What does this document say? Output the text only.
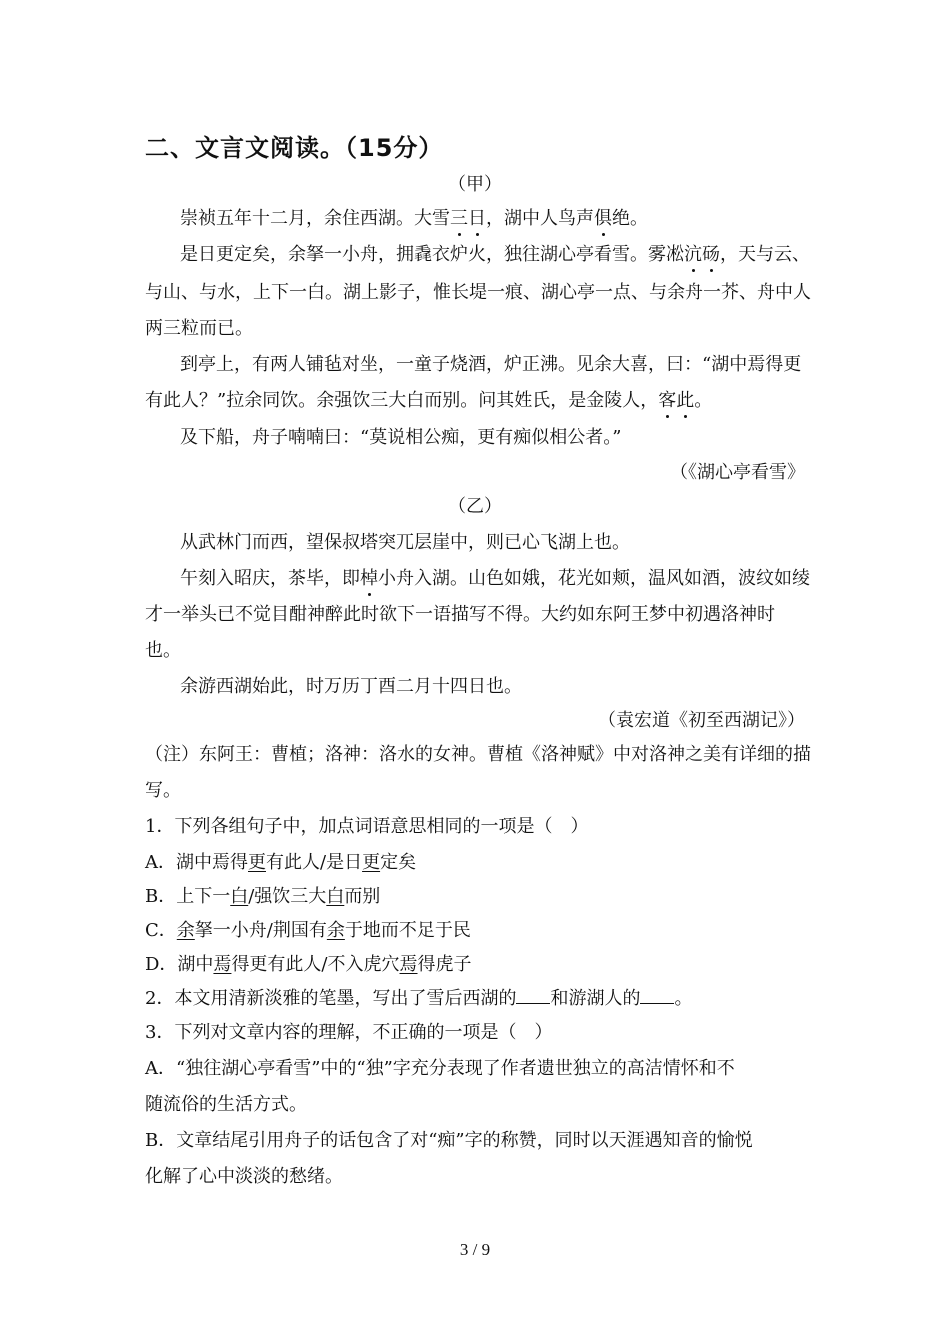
二、文言文阅读。（15分）
（甲）
崇祯五年十二月，余住西湖。大雪三日，湖中人鸟声俱绝。
是日更定矣，余拏一小舟，拥毳衣炉火，独往湖心亭看雪。雾凇沆砀，天与云、
与山、与水，上下一白。湖上影子，惟长堤一痕、湖心亭一点、与余舟一芥、舟中人
两三粒而已。
到亭上，有两人铺毡对坐，一童子烧酒，炉正沸。见余大喜，曰：“湖中焉得更
有此人？”拉余同饮。余强饮三大白而别。问其姓氏，是金陵人，客此。
及下船，舟子喃喃曰：“莫说相公痴，更有痴似相公者。”
（《湖心亭看雪》
（乙）
从武林门而西，望保叔塔突兀层崖中，则已心飞湖上也。
午刻入昭庆，茶毕，即棹小舟入湖。山色如娥，花光如颊，温风如酒，波纹如绫
才一举头已不觉目酣神醉此时欲下一语描写不得。大约如东阿王梦中初遇洛神时
也。
余游西湖始此，时万历丁酉二月十四日也。
（袁宏道《初至西湖记》）
（注）东阿王：曹植；洛神：洛水的女神。曹植《洛神赋》中对洛神之美有详细的描
写。
1．下列各组句子中，加点词语意思相同的一项是（　）
A．湖中焉得更有此人/是日更定矣
B．上下一白/强饮三大白而别
C．余拏一小舟/荆国有余于地而不足于民
D．湖中焉得更有此人/不入虎穴焉得虎子
2．本文用清新淡雅的笔墨，写出了雪后西湖的 和游湖人的 。
3．下列对文章内容的理解，不正确的一项是（　）
A．“独往湖心亭看雪”中的“独”字充分表现了作者遗世独立的高洁情怀和不
随流俗的生活方式。
B．文章结尾引用舟子的话包含了对“痴”字的称赞，同时以天涯遇知音的愉悦
化解了心中淡淡的愁绪。
3 / 9
